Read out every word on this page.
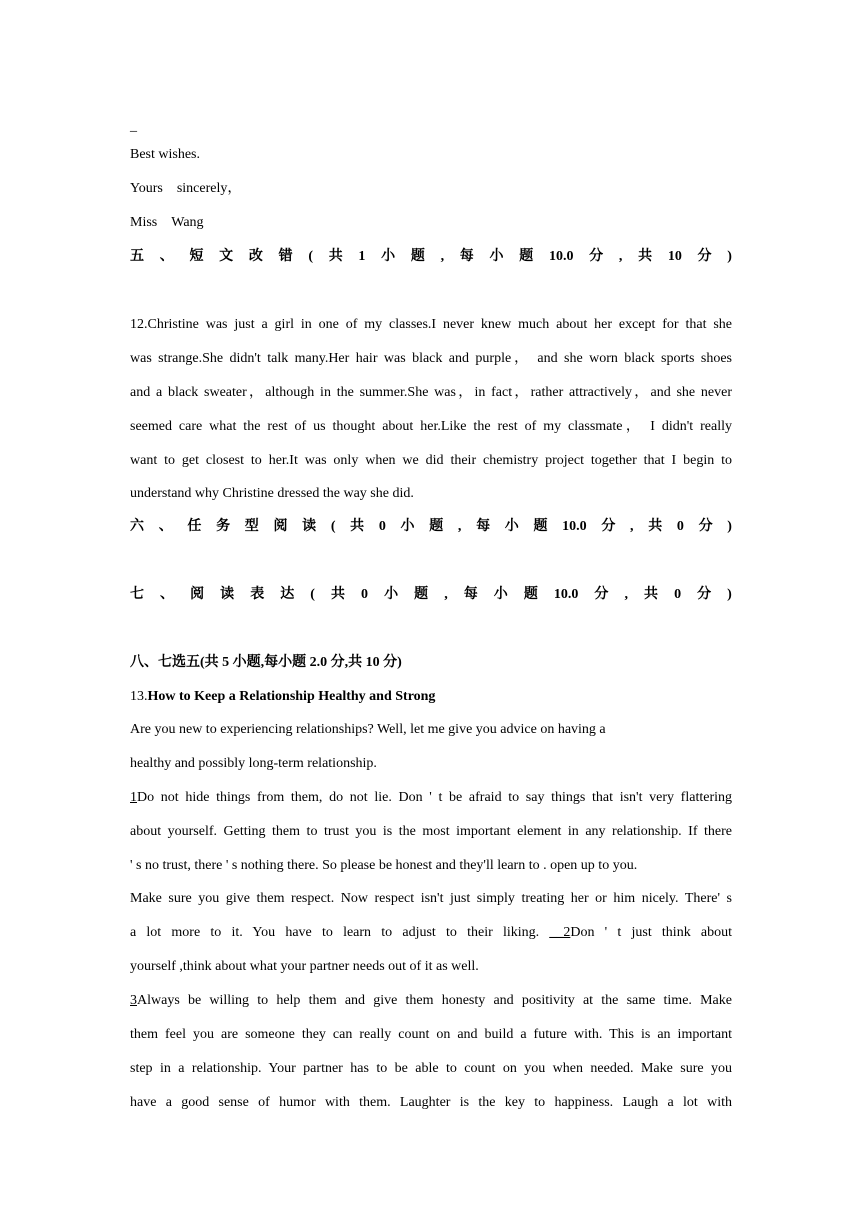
_
Best wishes.
Yours    sincerely，
Miss    Wang
五 、 短 文 改 错 ( 共 1 小 题 , 每 小 题 10.0 分 , 共 10 分 )
12.Christine was just a girl in one of my classes.I never knew much about her except for that she
was strange.She didn't talk many.Her hair was black and purple， and she worn black sports shoes
and a black sweater，although in the summer.She was，in fact，rather attractively，and she never
seemed care what the rest of us thought about her.Like the rest of my classmate， I didn't really
want to get closest to her.It was only when we did their chemistry project together that I begin to
understand why Christine dressed the way she did.
六 、 任 务 型 阅 读 ( 共 0 小 题 , 每 小 题 10.0 分 , 共 0 分 )
七 、 阅 读 表 达 ( 共 0 小 题 , 每 小 题 10.0 分 , 共 0 分 )
八、七选五(共 5 小题,每小题 2.0 分,共 10 分)
13.How to Keep a Relationship Healthy and Strong
Are you new to experiencing relationships? Well, let me give you advice on having a
healthy and possibly long-term relationship.
1Do not hide things from them, do not lie. Don ' t be afraid to say things that isn't very flattering
about yourself. Getting them to trust you is the most important element in any relationship. If there
' s no trust, there ' s nothing there. So please be honest and they'll learn to . open up to you.
Make sure you give them respect. Now respect isn't just simply treating her or him nicely. There' s
a lot more to it. You have to learn to adjust to their liking. __2Don ' t just think about
yourself ,think about what your partner needs out of it as well.
3Always be willing to help them and give them honesty and positivity at the same time. Make
them feel you are someone they can really count on and build a future with. This is an important
step in a relationship. Your partner has to be able to count on you when needed. Make sure you
have a good sense of humor with them. Laughter is the key to happiness. Laugh a lot with
